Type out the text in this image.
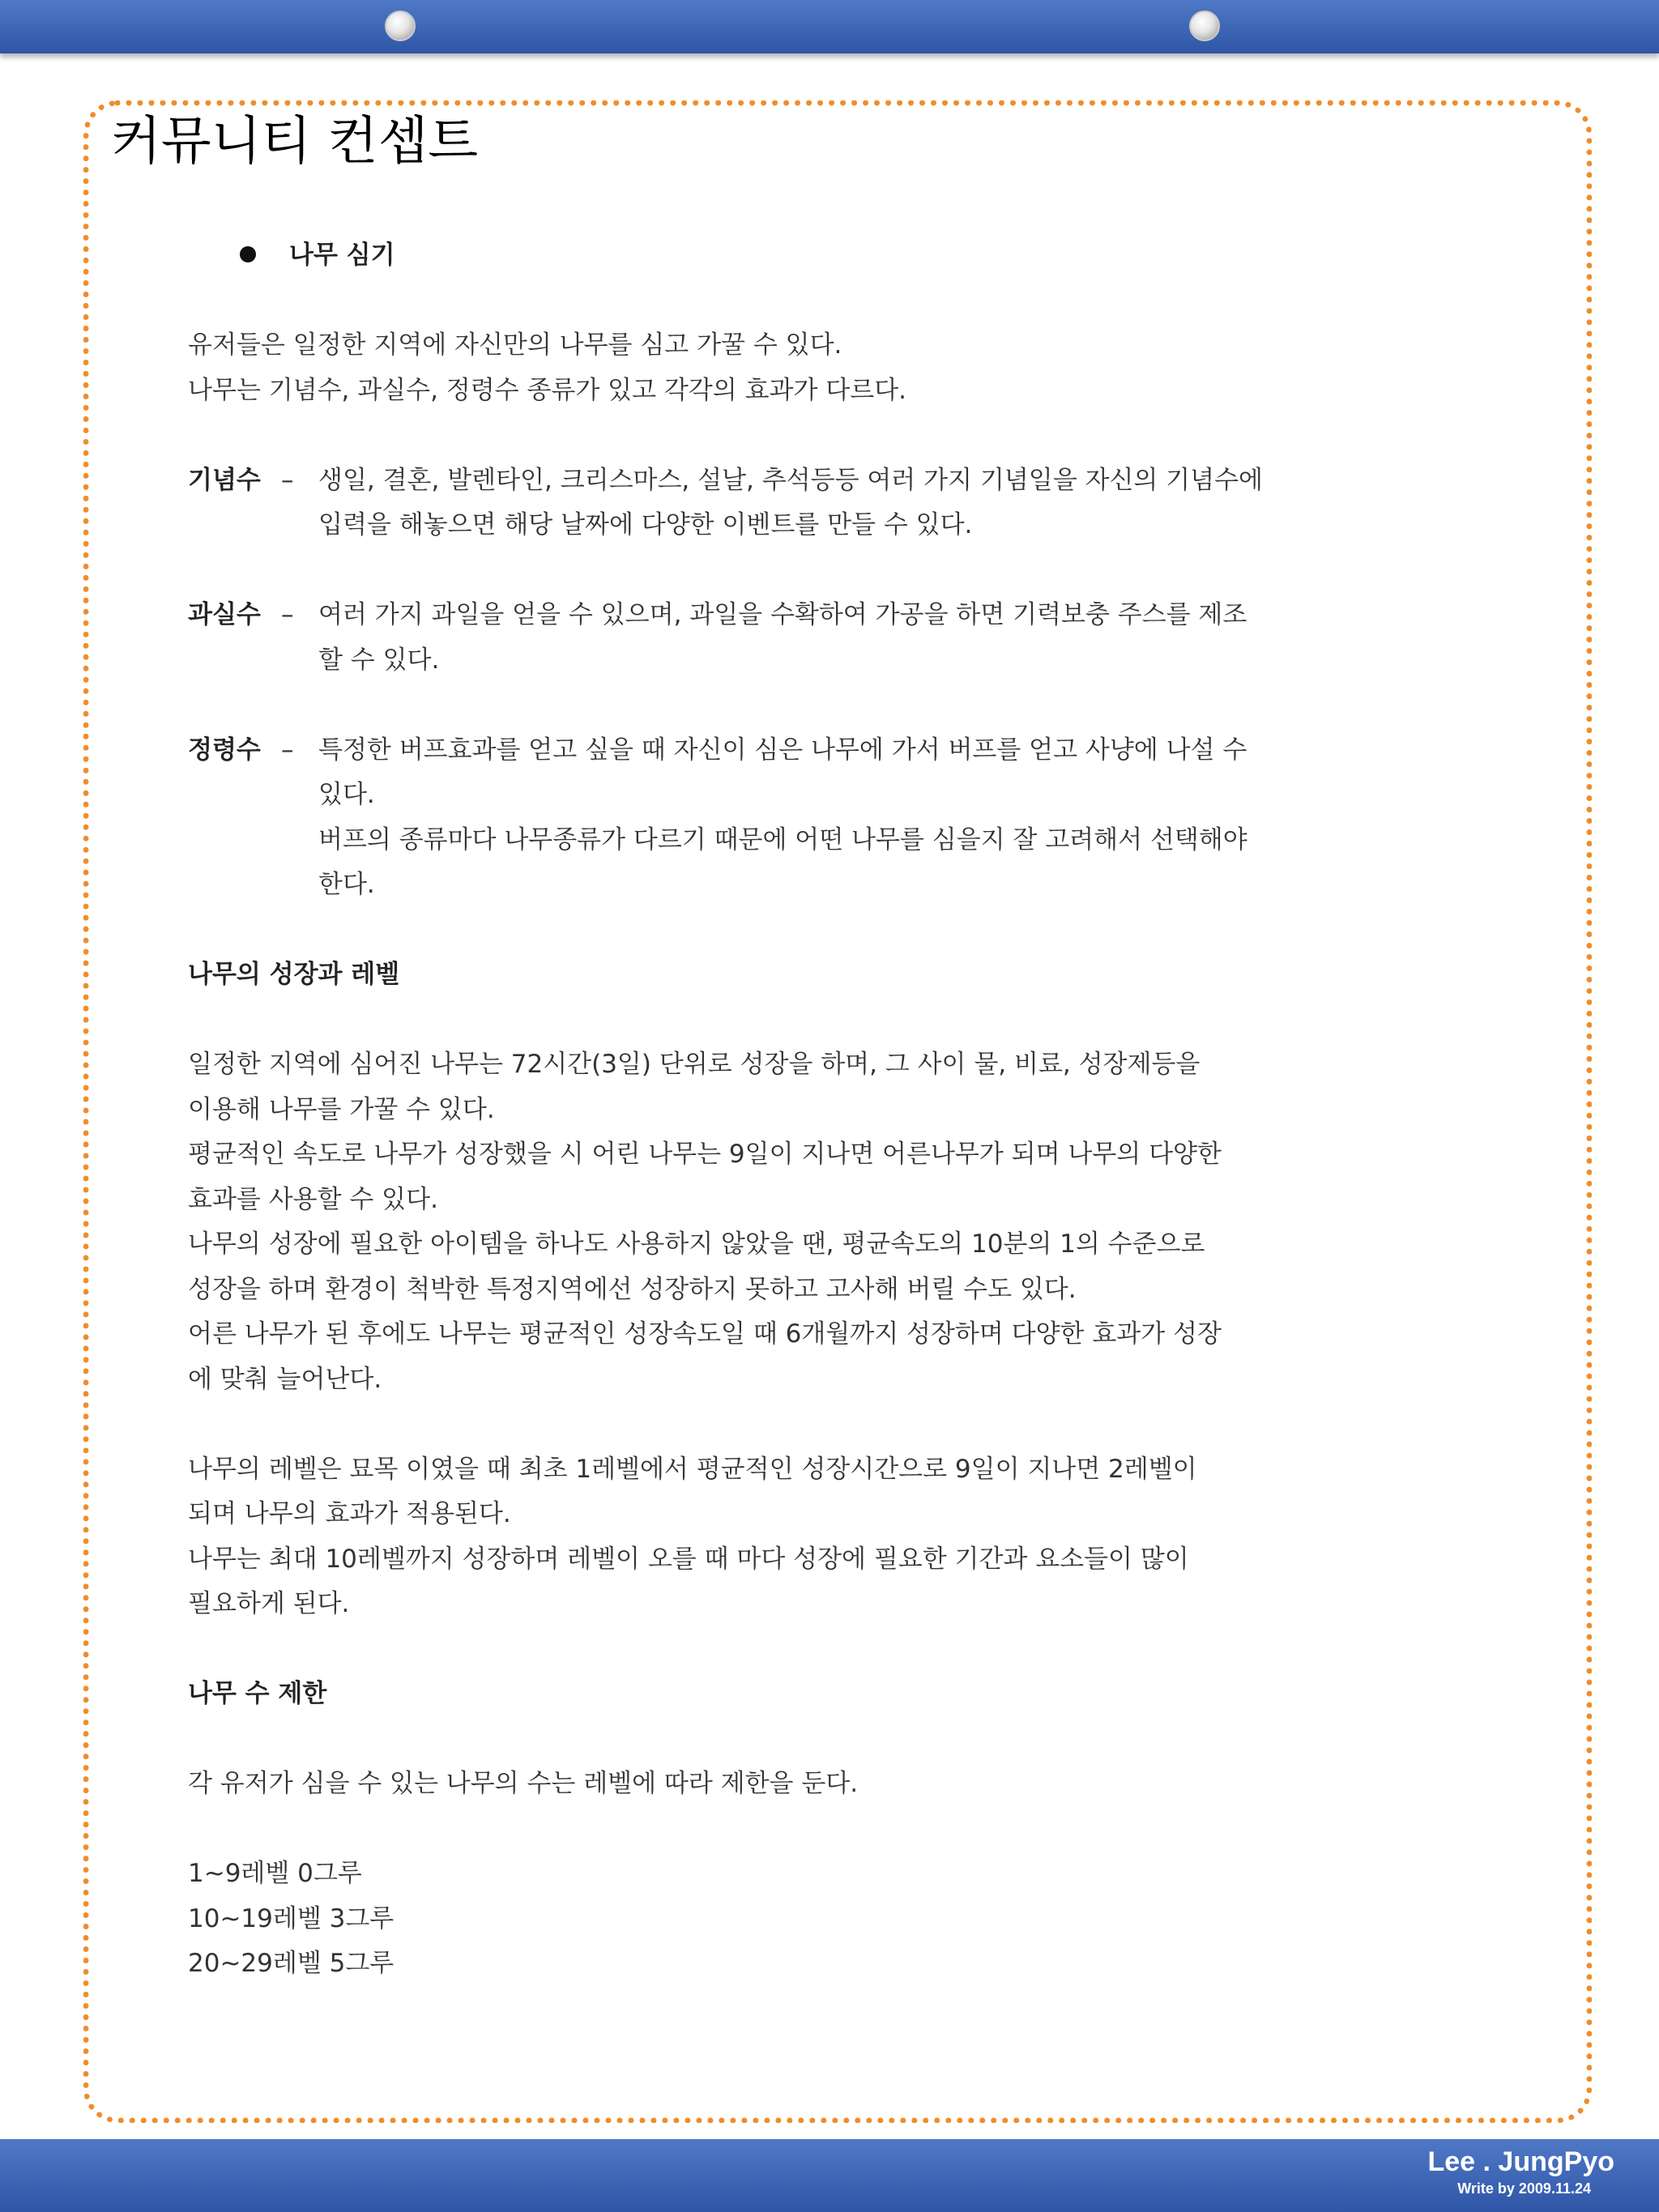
커뮤니티 컨셉트

나무 심기

유저들은 일정한 지역에 자신만의 나무를 심고 가꿀 수 있다.

나무는 기념수, 과실수, 정령수 종류가 있고 각각의 효과가 다르다.

기념수 – 생일, 결혼, 발렌타인, 크리스마스, 설날, 추석등등 여러 가지 기념일을 자신의 기념수에

입력을 해놓으면 해당 날짜에 다양한 이벤트를 만들 수 있다.

과실수 – 여러 가지 과일을 얻을 수 있으며, 과일을 수확하여 가공을 하면 기력보충 주스를 제조

할 수 있다.

정령수 – 특정한 버프효과를 얻고 싶을 때 자신이 심은 나무에 가서 버프를 얻고 사냥에 나설 수

있다.

버프의 종류마다 나무종류가 다르기 때문에 어떤 나무를 심을지 잘 고려해서 선택해야

한다.

나무의 성장과 레벨

일정한 지역에 심어진 나무는 72시간(3일) 단위로 성장을 하며, 그 사이 물, 비료, 성장제등을

이용해 나무를 가꿀 수 있다.

평균적인 속도로 나무가 성장했을 시 어린 나무는 9일이 지나면 어른나무가 되며 나무의 다양한

효과를 사용할 수 있다.

나무의 성장에 필요한 아이템을 하나도 사용하지 않았을 땐, 평균속도의 10분의 1의 수준으로

성장을 하며 환경이 척박한 특정지역에선 성장하지 못하고 고사해 버릴 수도 있다.

어른 나무가 된 후에도 나무는 평균적인 성장속도일 때 6개월까지 성장하며 다양한 효과가 성장

에 맞춰 늘어난다.

나무의 레벨은 묘목 이였을 때 최초 1레벨에서 평균적인 성장시간으로 9일이 지나면 2레벨이

되며 나무의 효과가 적용된다.

나무는 최대 10레벨까지 성장하며 레벨이 오를 때 마다 성장에 필요한 기간과 요소들이 많이

필요하게 된다.

나무 수 제한

각 유저가 심을 수 있는 나무의 수는 레벨에 따라 제한을 둔다.

1~9레벨 0그루

10~19레벨 3그루

20~29레벨 5그루

Lee . JungPyo
Write by 2009.11.24
